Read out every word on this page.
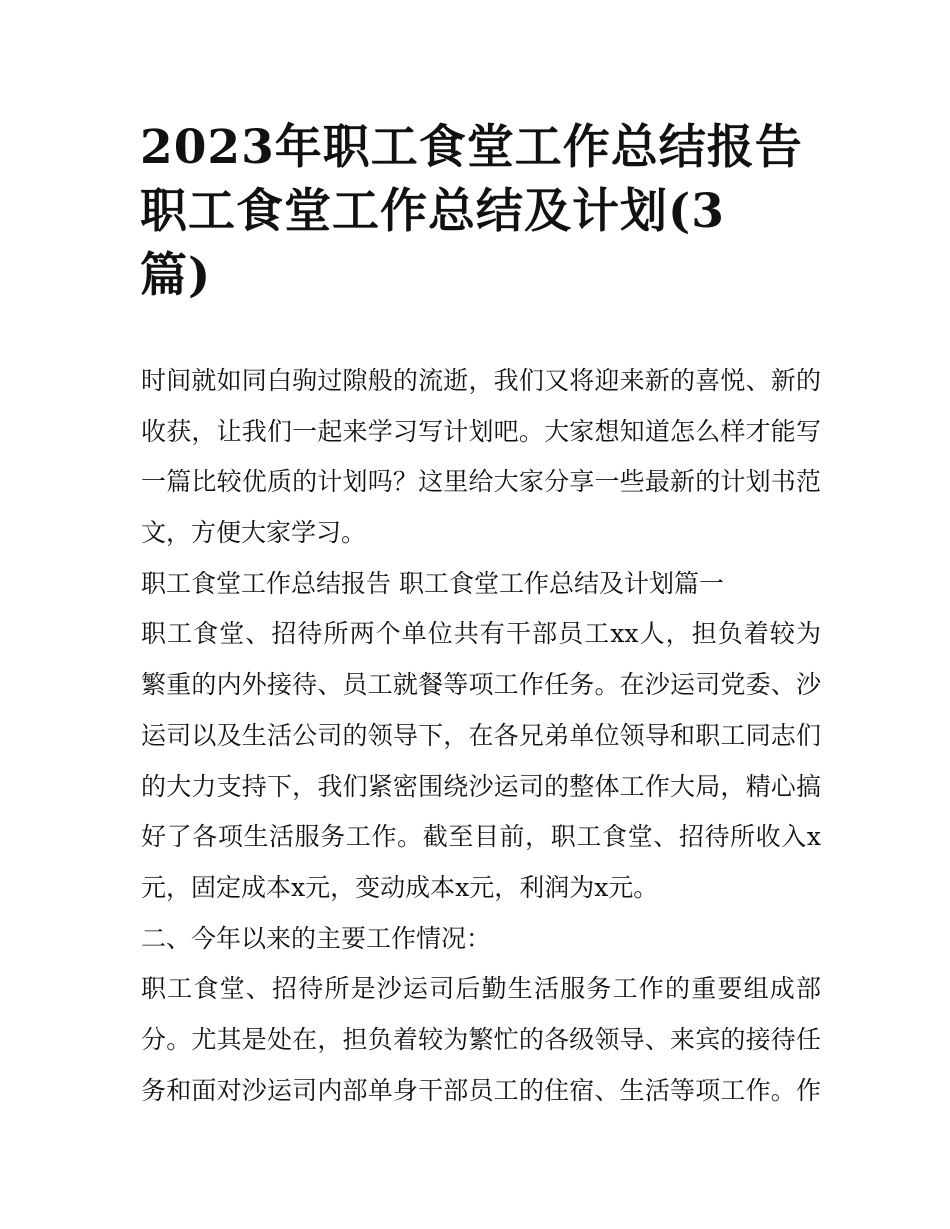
2023年职工食堂工作总结报告
职工食堂工作总结及计划(3
篇)
时间就如同白驹过隙般的流逝，我们又将迎来新的喜悦、新的
收获，让我们一起来学习写计划吧。大家想知道怎么样才能写
一篇比较优质的计划吗？这里给大家分享一些最新的计划书范
文，方便大家学习。
职工食堂工作总结报告 职工食堂工作总结及计划篇一
职工食堂、招待所两个单位共有干部员工xx人，担负着较为
繁重的内外接待、员工就餐等项工作任务。在沙运司党委、沙
运司以及生活公司的领导下，在各兄弟单位领导和职工同志们
的大力支持下，我们紧密围绕沙运司的整体工作大局，精心搞
好了各项生活服务工作。截至目前，职工食堂、招待所收入x
元，固定成本x元，变动成本x元，利润为x元。
二、今年以来的主要工作情况：
职工食堂、招待所是沙运司后勤生活服务工作的重要组成部
分。尤其是处在，担负着较为繁忙的各级领导、来宾的接待任
务和面对沙运司内部单身干部员工的住宿、生活等项工作。作
